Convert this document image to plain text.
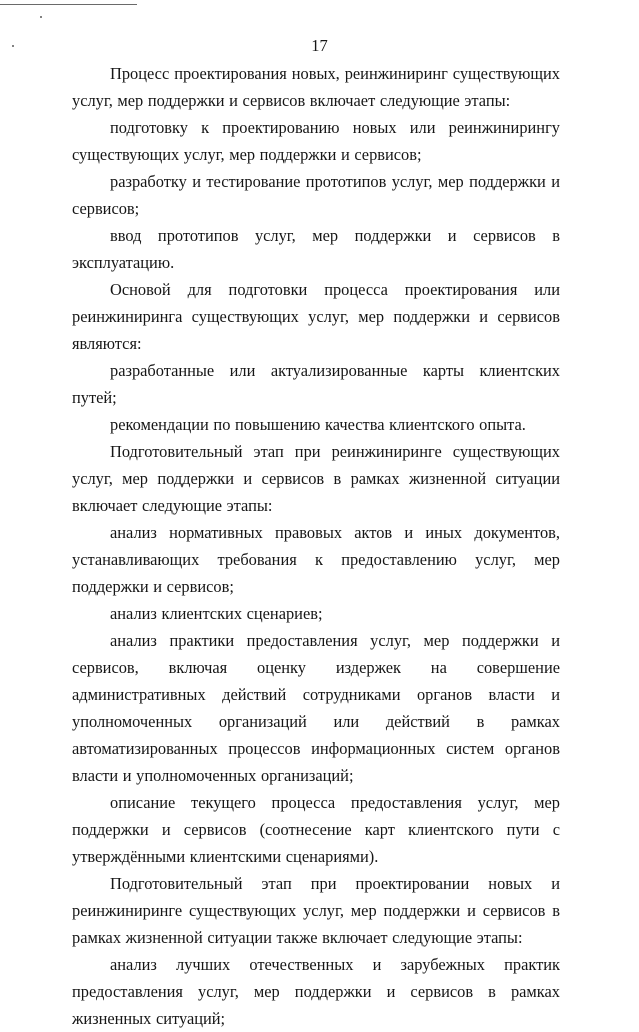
17

Процесс проектирования новых, реинжиниринг существующих услуг, мер поддержки и сервисов включает следующие этапы:

подготовку к проектированию новых или реинжинирингу существующих услуг, мер поддержки и сервисов;

разработку и тестирование прототипов услуг, мер поддержки и сервисов;

ввод прототипов услуг, мер поддержки и сервисов в эксплуатацию.

Основой для подготовки процесса проектирования или реинжиниринга существующих услуг, мер поддержки и сервисов являются:

разработанные или актуализированные карты клиентских путей;

рекомендации по повышению качества клиентского опыта.

Подготовительный этап при реинжиниринге существующих услуг, мер поддержки и сервисов в рамках жизненной ситуации включает следующие этапы:

анализ нормативных правовых актов и иных документов, устанавливающих требования к предоставлению услуг, мер поддержки и сервисов;

анализ клиентских сценариев;

анализ практики предоставления услуг, мер поддержки и сервисов, включая оценку издержек на совершение административных действий сотрудниками органов власти и уполномоченных организаций или действий в рамках автоматизированных процессов информационных систем органов власти и уполномоченных организаций;

описание текущего процесса предоставления услуг, мер поддержки и сервисов (соотнесение карт клиентского пути с утверждёнными клиентскими сценариями).

Подготовительный этап при проектировании новых и реинжиниринге существующих услуг, мер поддержки и сервисов в рамках жизненной ситуации также включает следующие этапы:

анализ лучших отечественных и зарубежных практик предоставления услуг, мер поддержки и сервисов в рамках жизненных ситуаций;
